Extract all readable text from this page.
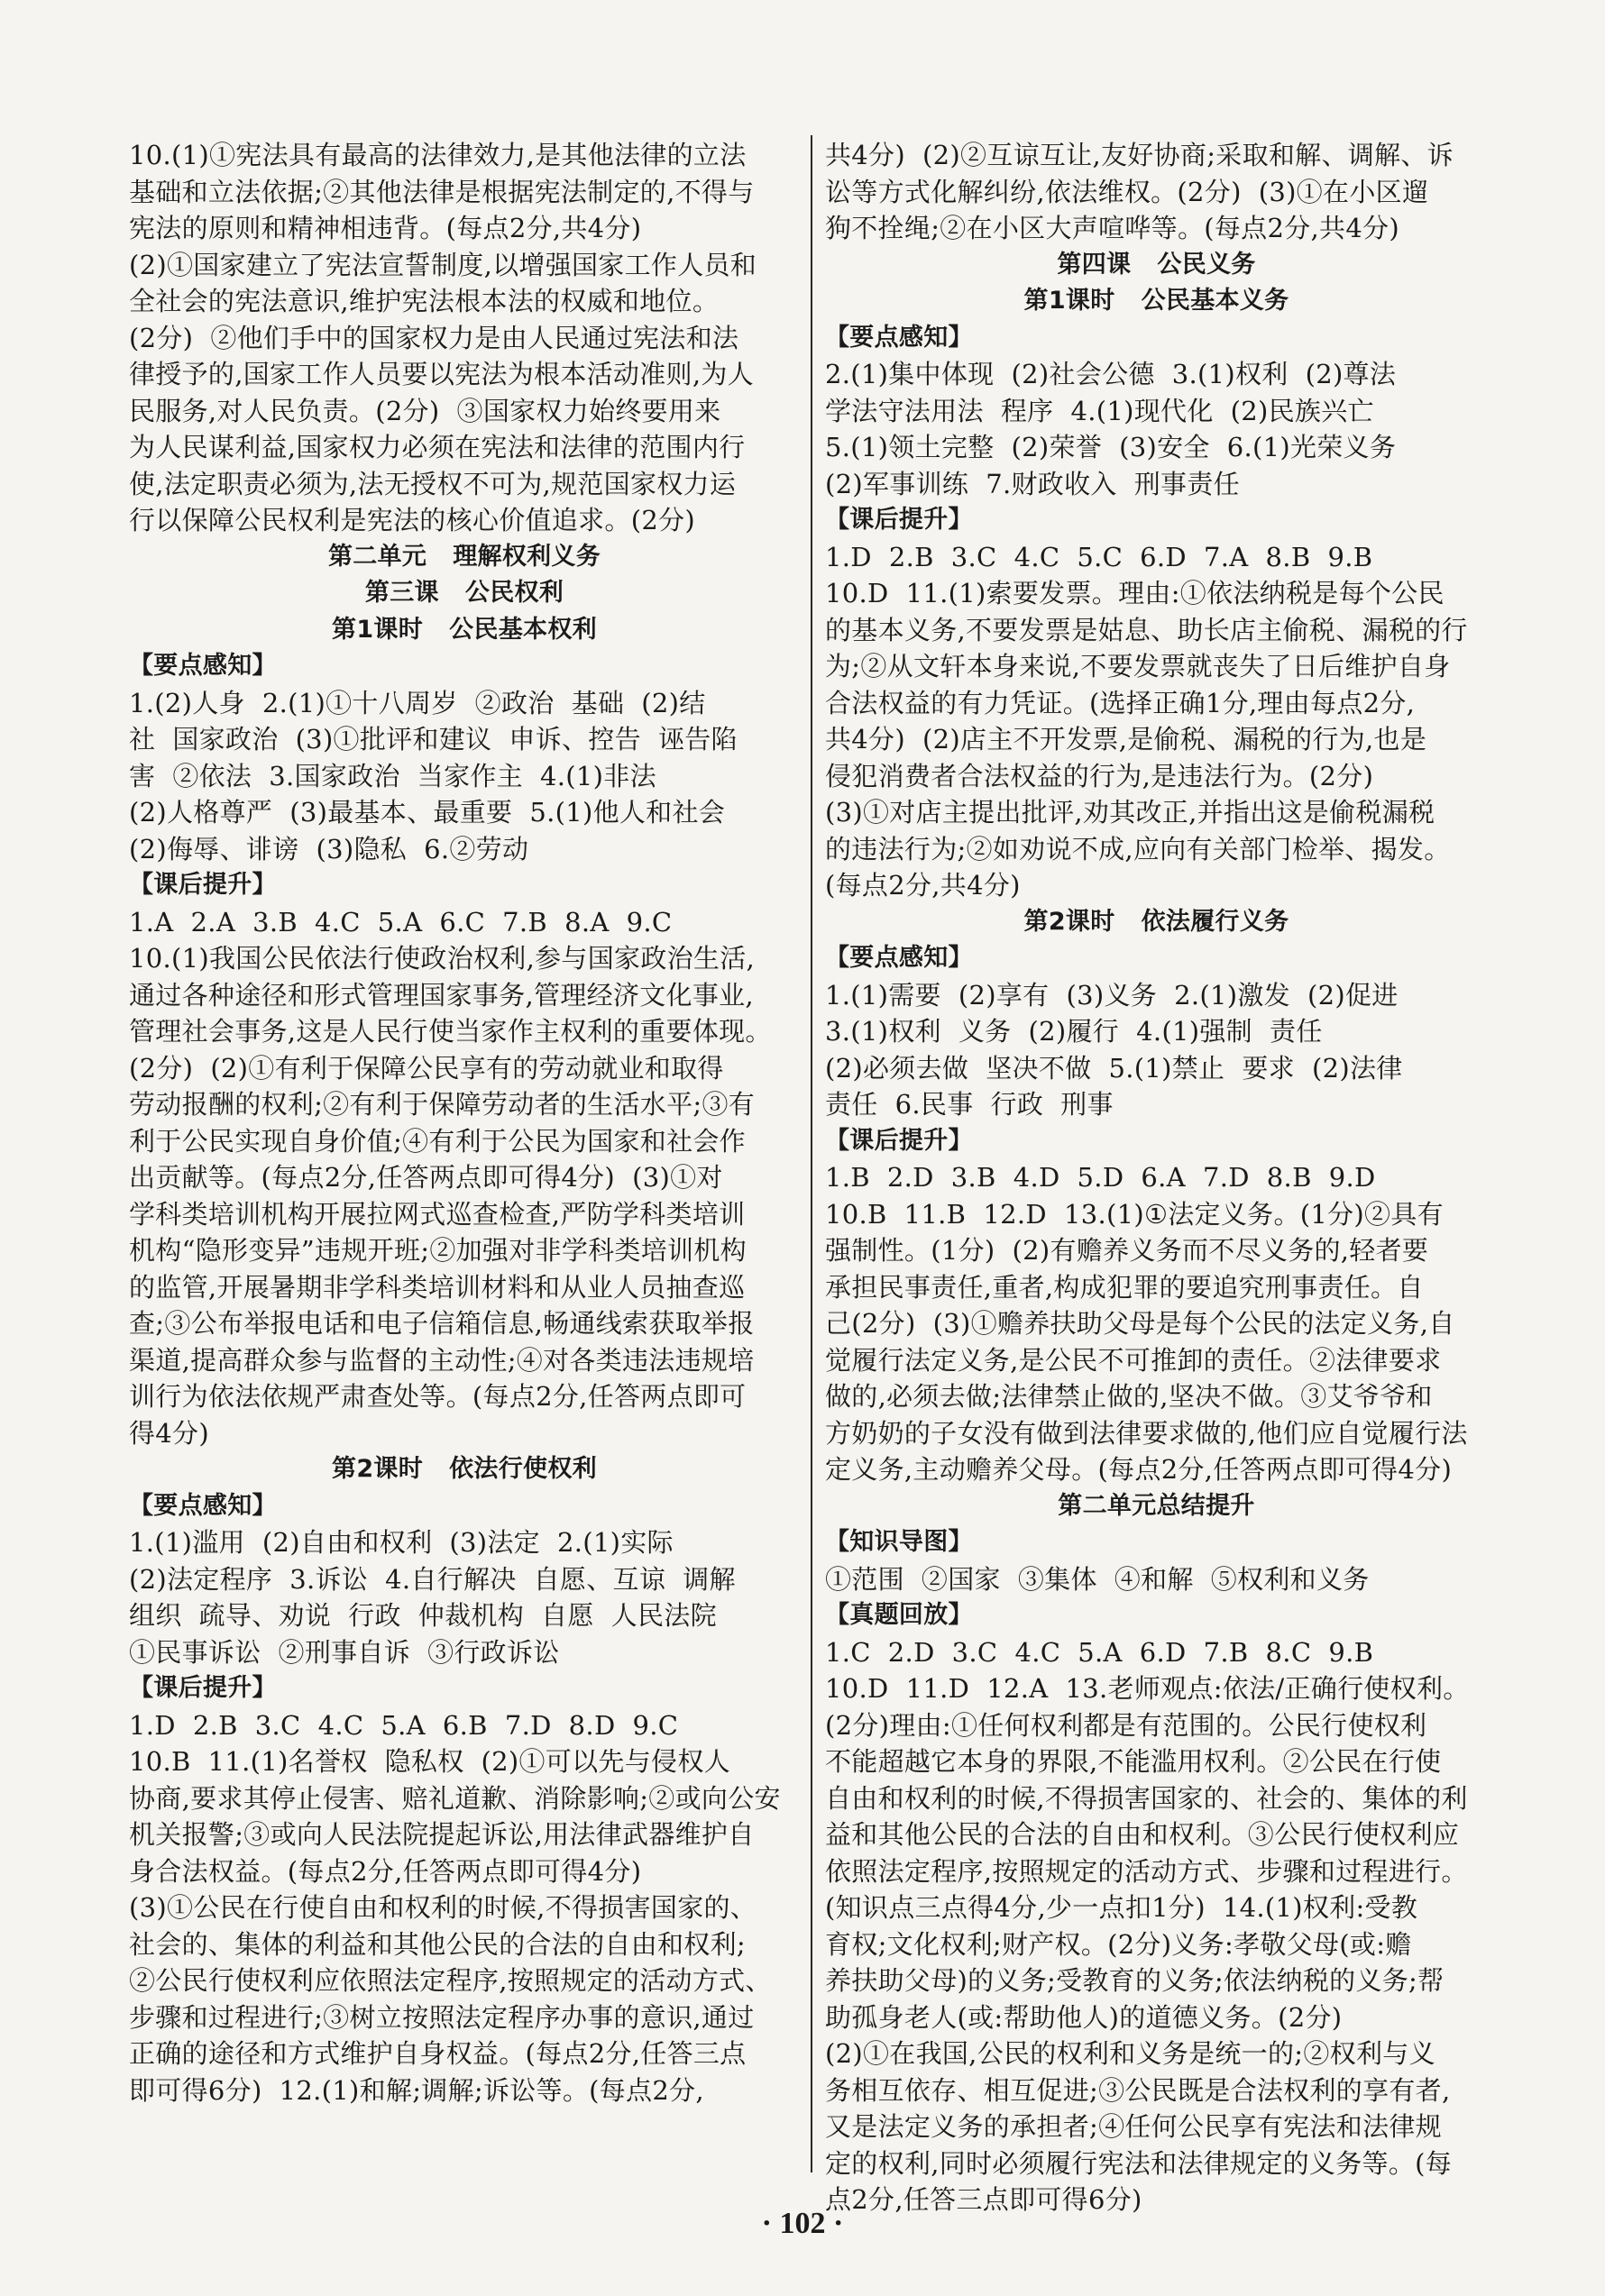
10.(1)①宪法具有最高的法律效力,是其他法律的立法
基础和立法依据;②其他法律是根据宪法制定的,不得与
宪法的原则和精神相违背。(每点2分,共4分)
(2)①国家建立了宪法宣誓制度,以增强国家工作人员和
全社会的宪法意识,维护宪法根本法的权威和地位。
(2分)  ②他们手中的国家权力是由人民通过宪法和法
律授予的,国家工作人员要以宪法为根本活动准则,为人
民服务,对人民负责。(2分)  ③国家权力始终要用来
为人民谋利益,国家权力必须在宪法和法律的范围内行
使,法定职责必须为,法无授权不可为,规范国家权力运
行以保障公民权利是宪法的核心价值追求。(2分)
第二单元   理解权利义务
第三课   公民权利
第1课时   公民基本权利
【要点感知】
1.(2)人身  2.(1)①十八周岁  ②政治  基础  (2)结
社  国家政治  (3)①批评和建议  申诉、控告  诬告陷
害  ②依法  3.国家政治  当家作主  4.(1)非法
(2)人格尊严  (3)最基本、最重要  5.(1)他人和社会
(2)侮辱、诽谤  (3)隐私  6.②劳动
【课后提升】
1.A  2.A  3.B  4.C  5.A  6.C  7.B  8.A  9.C
10.(1)我国公民依法行使政治权利,参与国家政治生活,
通过各种途径和形式管理国家事务,管理经济文化事业,
管理社会事务,这是人民行使当家作主权利的重要体现。
(2分)  (2)①有利于保障公民享有的劳动就业和取得
劳动报酬的权利;②有利于保障劳动者的生活水平;③有
利于公民实现自身价值;④有利于公民为国家和社会作
出贡献等。(每点2分,任答两点即可得4分)  (3)①对
学科类培训机构开展拉网式巡查检查,严防学科类培训
机构“隐形变异”违规开班;②加强对非学科类培训机构
的监管,开展暑期非学科类培训材料和从业人员抽查巡
查;③公布举报电话和电子信箱信息,畅通线索获取举报
渠道,提高群众参与监督的主动性;④对各类违法违规培
训行为依法依规严肃查处等。(每点2分,任答两点即可
得4分)
第2课时   依法行使权利
【要点感知】
1.(1)滥用  (2)自由和权利  (3)法定  2.(1)实际
(2)法定程序  3.诉讼  4.自行解决  自愿、互谅  调解
组织  疏导、劝说  行政  仲裁机构  自愿  人民法院
①民事诉讼  ②刑事自诉  ③行政诉讼
【课后提升】
1.D  2.B  3.C  4.C  5.A  6.B  7.D  8.D  9.C
10.B  11.(1)名誉权  隐私权  (2)①可以先与侵权人
协商,要求其停止侵害、赔礼道歉、消除影响;②或向公安
机关报警;③或向人民法院提起诉讼,用法律武器维护自
身合法权益。(每点2分,任答两点即可得4分)
(3)①公民在行使自由和权利的时候,不得损害国家的、
社会的、集体的利益和其他公民的合法的自由和权利;
②公民行使权利应依照法定程序,按照规定的活动方式、
步骤和过程进行;③树立按照法定程序办事的意识,通过
正确的途径和方式维护自身权益。(每点2分,任答三点
即可得6分)  12.(1)和解;调解;诉讼等。(每点2分,
共4分)  (2)②互谅互让,友好协商;采取和解、调解、诉
讼等方式化解纠纷,依法维权。(2分)  (3)①在小区遛
狗不拴绳;②在小区大声喧哗等。(每点2分,共4分)
第四课   公民义务
第1课时   公民基本义务
【要点感知】
2.(1)集中体现  (2)社会公德  3.(1)权利  (2)尊法
学法守法用法  程序  4.(1)现代化  (2)民族兴亡
5.(1)领土完整  (2)荣誉  (3)安全  6.(1)光荣义务
(2)军事训练  7.财政收入  刑事责任
【课后提升】
1.D  2.B  3.C  4.C  5.C  6.D  7.A  8.B  9.B
10.D  11.(1)索要发票。理由:①依法纳税是每个公民
的基本义务,不要发票是姑息、助长店主偷税、漏税的行
为;②从文轩本身来说,不要发票就丧失了日后维护自身
合法权益的有力凭证。(选择正确1分,理由每点2分,
共4分)  (2)店主不开发票,是偷税、漏税的行为,也是
侵犯消费者合法权益的行为,是违法行为。(2分)
(3)①对店主提出批评,劝其改正,并指出这是偷税漏税
的违法行为;②如劝说不成,应向有关部门检举、揭发。
(每点2分,共4分)
第2课时   依法履行义务
【要点感知】
1.(1)需要  (2)享有  (3)义务  2.(1)激发  (2)促进
3.(1)权利  义务  (2)履行  4.(1)强制  责任
(2)必须去做  坚决不做  5.(1)禁止  要求  (2)法律
责任  6.民事  行政  刑事
【课后提升】
1.B  2.D  3.B  4.D  5.D  6.A  7.D  8.B  9.D
10.B  11.B  12.D  13.(1)①法定义务。(1分)②具有
强制性。(1分)  (2)有赡养义务而不尽义务的,轻者要
承担民事责任,重者,构成犯罪的要追究刑事责任。自
己(2分)  (3)①赡养扶助父母是每个公民的法定义务,自
觉履行法定义务,是公民不可推卸的责任。②法律要求
做的,必须去做;法律禁止做的,坚决不做。③艾爷爷和
方奶奶的子女没有做到法律要求做的,他们应自觉履行法
定义务,主动赡养父母。(每点2分,任答两点即可得4分)
第二单元总结提升
【知识导图】
①范围  ②国家  ③集体  ④和解  ⑤权利和义务
【真题回放】
1.C  2.D  3.C  4.C  5.A  6.D  7.B  8.C  9.B
10.D  11.D  12.A  13.老师观点:依法/正确行使权利。
(2分)理由:①任何权利都是有范围的。公民行使权利
不能超越它本身的界限,不能滥用权利。②公民在行使
自由和权利的时候,不得损害国家的、社会的、集体的利
益和其他公民的合法的自由和权利。③公民行使权利应
依照法定程序,按照规定的活动方式、步骤和过程进行。
(知识点三点得4分,少一点扣1分)  14.(1)权利:受教
育权;文化权利;财产权。(2分)义务:孝敬父母(或:赡
养扶助父母)的义务;受教育的义务;依法纳税的义务;帮
助孤身老人(或:帮助他人)的道德义务。(2分)
(2)①在我国,公民的权利和义务是统一的;②权利与义
务相互依存、相互促进;③公民既是合法权利的享有者,
又是法定义务的承担者;④任何公民享有宪法和法律规
定的权利,同时必须履行宪法和法律规定的义务等。(每
点2分,任答三点即可得6分)
· 102 ·
